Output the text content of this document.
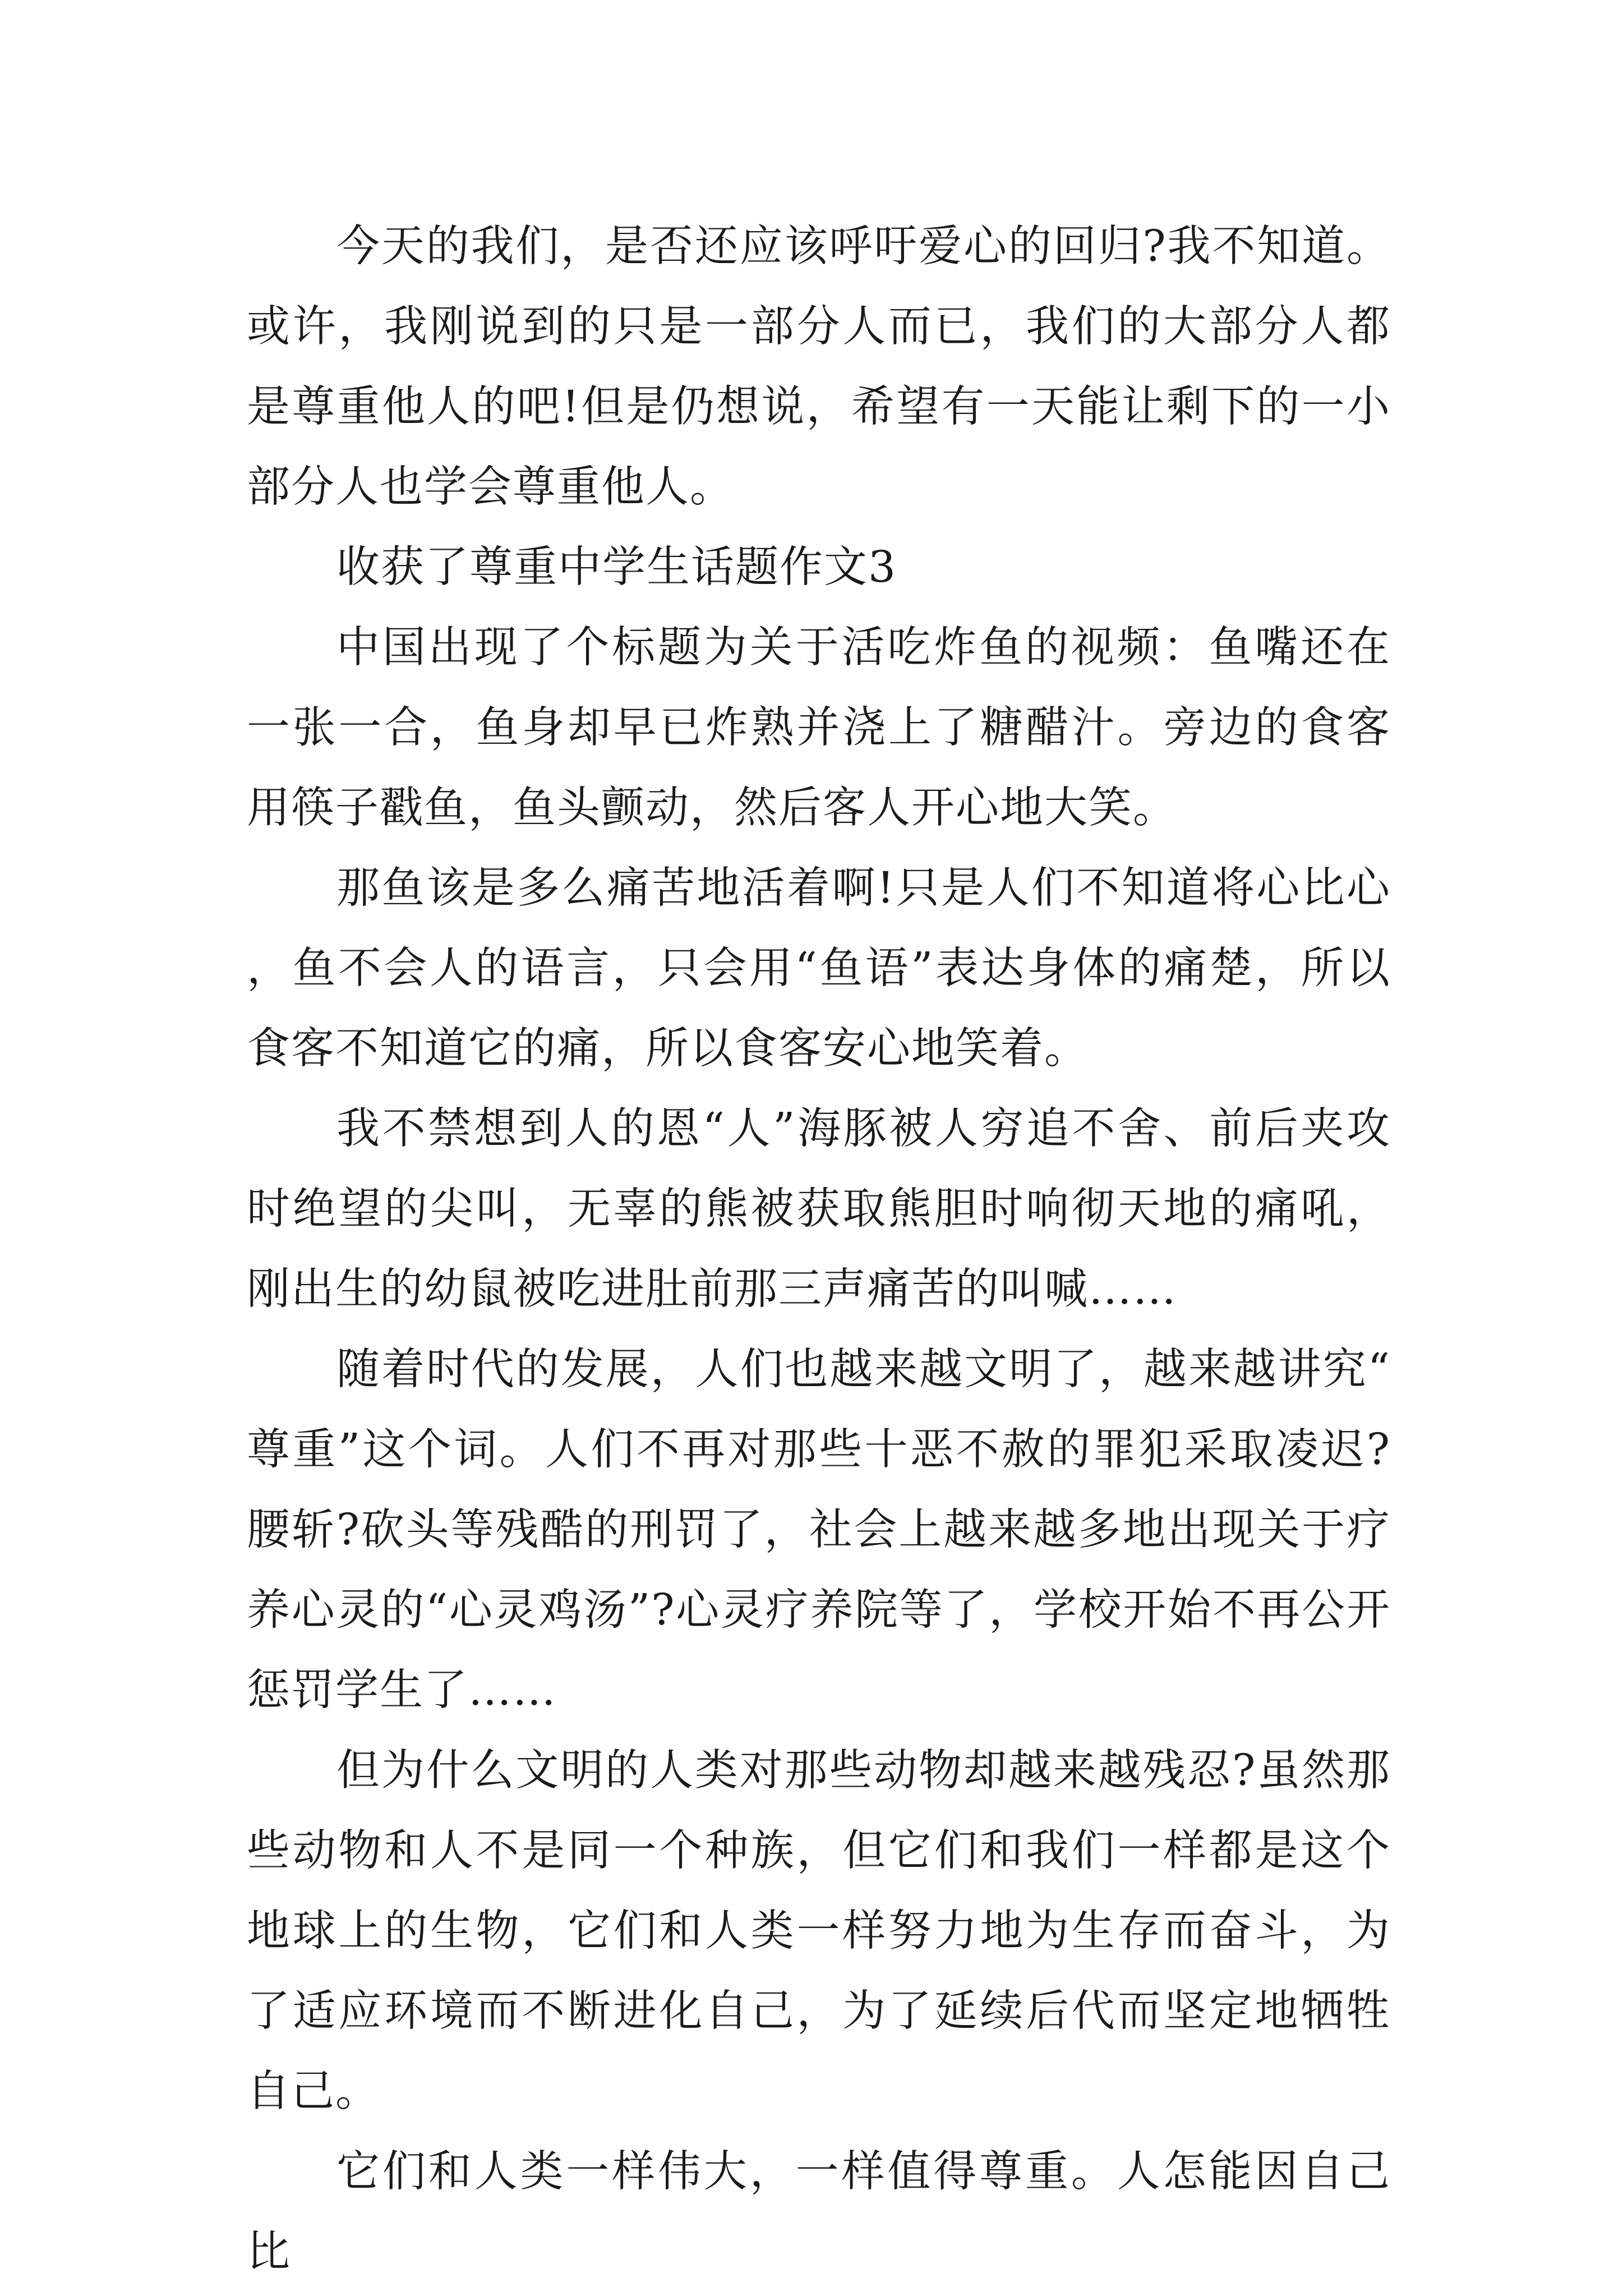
今天的我们，是否还应该呼吁爱心的回归?我不知道。或许，我刚说到的只是一部分人而已，我们的大部分人都是尊重他人的吧!但是仍想说，希望有一天能让剩下的一小部分人也学会尊重他人。

收获了尊重中学生话题作文3

中国出现了个标题为关于活吃炸鱼的视频：鱼嘴还在一张一合，鱼身却早已炸熟并浇上了糖醋汁。旁边的食客用筷子戳鱼，鱼头颤动，然后客人开心地大笑。

那鱼该是多么痛苦地活着啊!只是人们不知道将心比心，鱼不会人的语言，只会用“鱼语”表达身体的痛楚，所以食客不知道它的痛，所以食客安心地笑着。

我不禁想到人的恩“人”海豚被人穷追不舍、前后夹攻时绝望的尖叫，无辜的熊被获取熊胆时响彻天地的痛吼，刚出生的幼鼠被吃进肚前那三声痛苦的叫喊……

随着时代的发展，人们也越来越文明了，越来越讲究“尊重”这个词。人们不再对那些十恶不赦的罪犯采取凌迟?腰斩?砍头等残酷的刑罚了，社会上越来越多地出现关于疗养心灵的“心灵鸡汤”?心灵疗养院等了，学校开始不再公开惩罚学生了……

但为什么文明的人类对那些动物却越来越残忍?虽然那些动物和人不是同一个种族，但它们和我们一样都是这个地球上的生物，它们和人类一样努力地为生存而奋斗，为了适应环境而不断进化自己，为了延续后代而坚定地牺牲自己。

它们和人类一样伟大，一样值得尊重。人怎能因自己比
